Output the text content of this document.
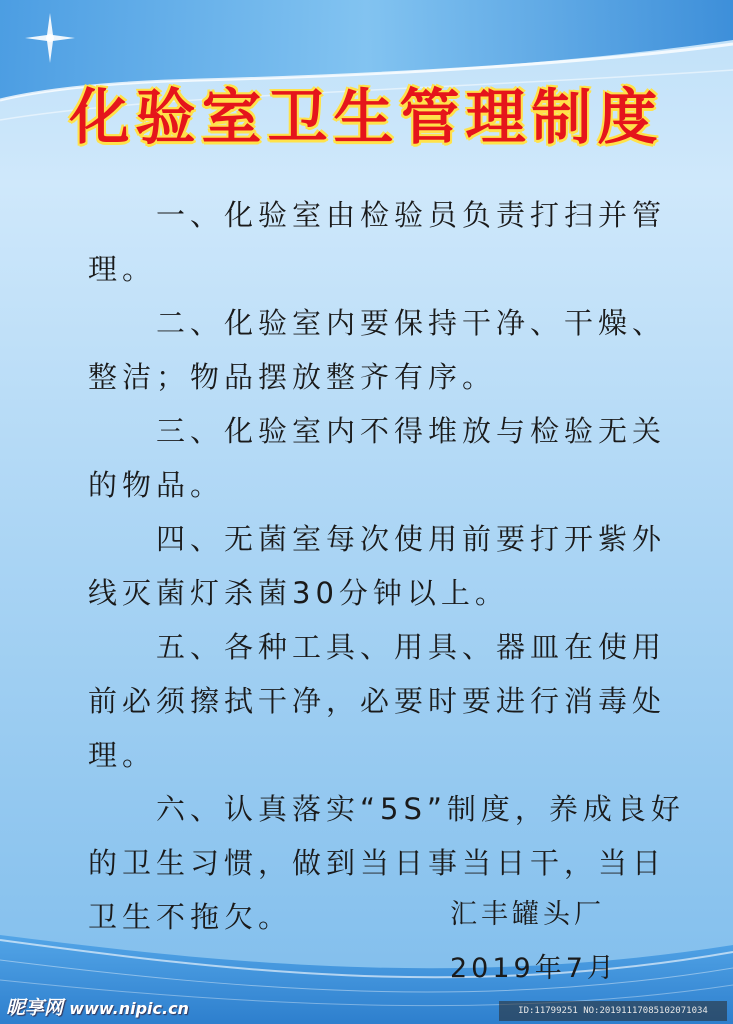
化验室卫生管理制度

一、化验室由检验员负责打扫并管理。

二、化验室内要保持干净、干燥、整洁；物品摆放整齐有序。

三、化验室内不得堆放与检验无关的物品。

四、无菌室每次使用前要打开紫外线灭菌灯杀菌30分钟以上。

五、各种工具、用具、器皿在使用前必须擦拭干净，必要时要进行消毒处理。

六、认真落实“5S”制度，养成良好的卫生习惯，做到当日事当日干，当日卫生不拖欠。	汇丰罐头厂
2019年7月
昵享网 www.nipic.cn	ID:11799251 NO:20191117085102071034
